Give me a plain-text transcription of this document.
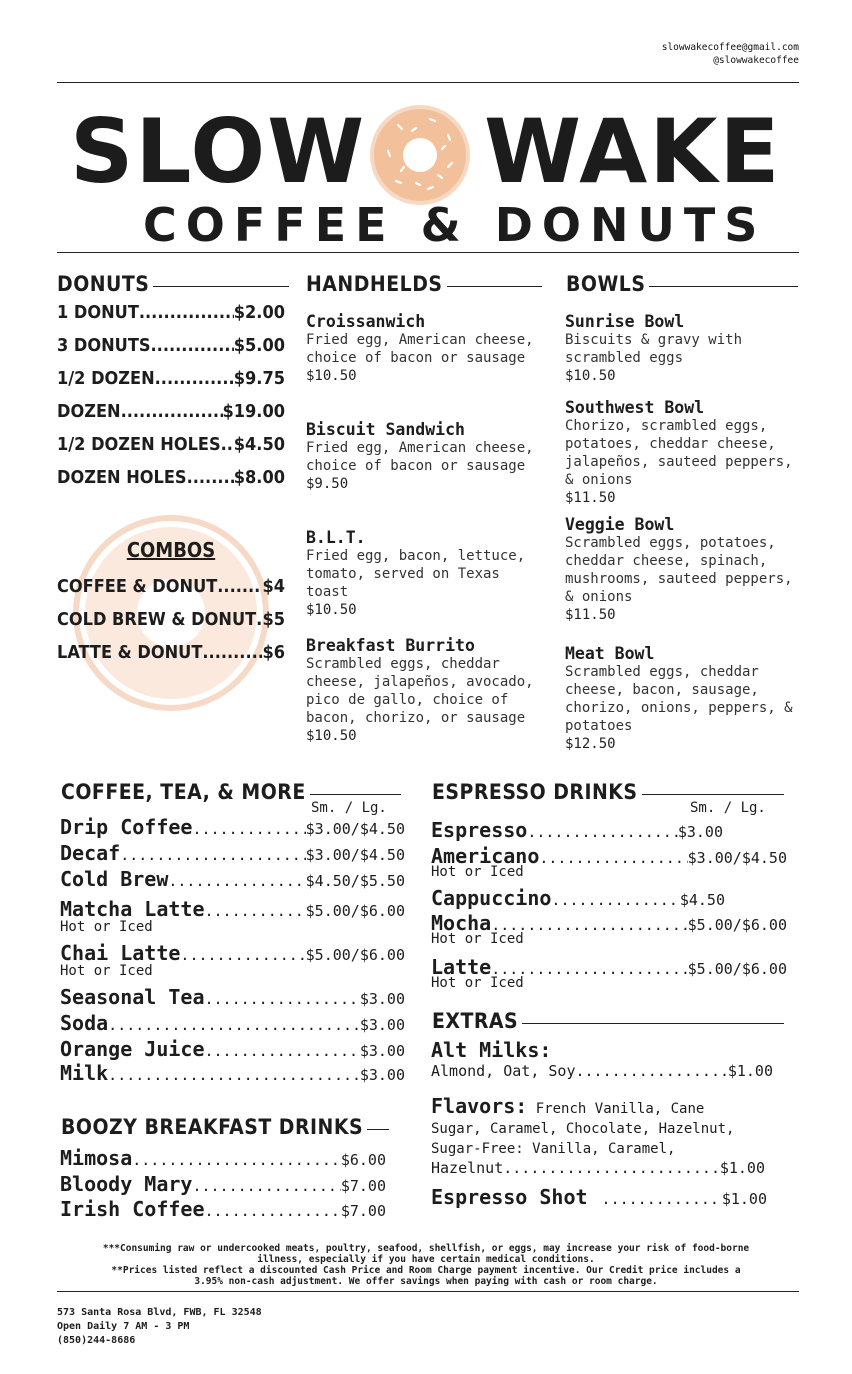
slowwakecoffee@gmail.com
@slowwakecoffee
SLOW WAKE
COFFEE & DONUTS
DONUTS
1 DONUT .....	$2.00
3 DONUTS .....	$5.00
1/2 DOZEN .....	$9.75
DOZEN .....	$19.00
1/2 DOZEN HOLES ..... $4.50
DOZEN HOLES .....	$8.00
COMBOS
COFFEE & DONUT .....	$4
COLD BREW & DONUT ..... $5
LATTE & DONUT .....	$6
HANDHELDS
Croissanwich
Fried egg, American cheese, choice of bacon or sausage
$10.50
Biscuit Sandwich
Fried egg, American cheese, choice of bacon or sausage
$9.50
B.L.T.
Fried egg, bacon, lettuce, tomato, served on Texas toast
$10.50
Breakfast Burrito
Scrambled eggs, cheddar cheese, jalapeños, avocado, pico de gallo, choice of bacon, chorizo, or sausage
$10.50
BOWLS
Sunrise Bowl
Biscuits & gravy with scrambled eggs
$10.50
Southwest Bowl
Chorizo, scrambled eggs, potatoes, cheddar cheese, jalapeños, sauteed peppers, & onions
$11.50
Veggie Bowl
Scrambled eggs, potatoes, cheddar cheese, spinach, mushrooms, sauteed peppers, & onions
$11.50
Meat Bowl
Scrambled eggs, cheddar cheese, bacon, sausage, chorizo, onions, peppers, & potatoes
$12.50
COFFEE, TEA, & MORE
Sm. / Lg.
Drip Coffee .....	$3.00/$4.50
Decaf .....	$3.00/$4.50
Cold Brew .....	$4.50/$5.50
Matcha Latte .....	$5.00/$6.00
Hot or Iced
Chai Latte .....	$5.00/$6.00
Hot or Iced
Seasonal Tea .....	$3.00
Soda .....	$3.00
Orange Juice .....	$3.00
Milk .....	$3.00
BOOZY BREAKFAST DRINKS
Mimosa .....	$6.00
Bloody Mary .....	$7.00
Irish Coffee .....	$7.00
ESPRESSO DRINKS
Sm. / Lg.
Espresso .....	$3.00
Americano .....	$3.00/$4.50
Hot or Iced
Cappuccino .....	$4.50
Mocha .....	$5.00/$6.00
Hot or Iced
Latte .....	$5.00/$6.00
Hot or Iced
EXTRAS
Alt Milks:
Almond, Oat, Soy .....	$1.00
Flavors: French Vanilla, Cane
Sugar, Caramel, Chocolate, Hazelnut,
Sugar-Free: Vanilla, Caramel,
Hazelnut .....	$1.00
Espresso Shot .....	$1.00
***Consuming raw or undercooked meats, poultry, seafood, shellfish, or eggs, may increase your risk of food-borne
illness, especially if you have certain medical conditions.
**Prices listed reflect a discounted Cash Price and Room Charge payment incentive. Our Credit price includes a
3.95% non-cash adjustment. We offer savings when paying with cash or room charge.
573 Santa Rosa Blvd, FWB, FL 32548
Open Daily 7 AM - 3 PM
(850)244-8686
